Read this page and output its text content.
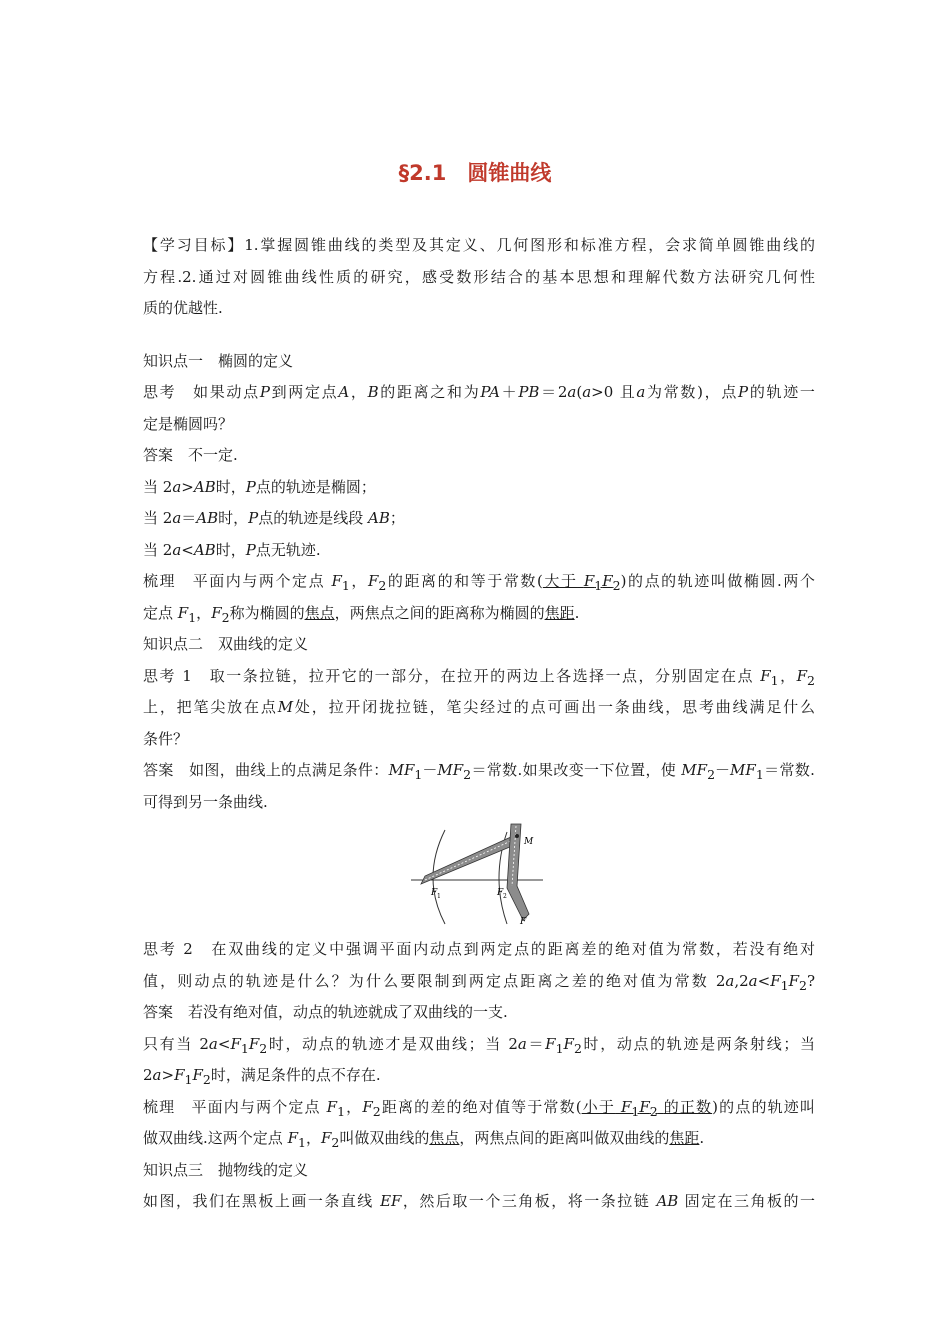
§2.1　圆锥曲线
【学习目标】1.掌握圆锥曲线的类型及其定义、几何图形和标准方程，会求简单圆锥曲线的
方程.2.通过对圆锥曲线性质的研究，感受数形结合的基本思想和理解代数方法研究几何性
质的优越性.
知识点一　椭圆的定义
思考　 如果动点P到两定点A，B的距离之和为PA＋PB＝2a(a>0 且a为常数)，点P的轨迹一
定是椭圆吗？
答案　 不一定.
当 2a>AB时，P点的轨迹是椭圆；
当 2a＝AB时，P点的轨迹是线段 AB；
当 2a<AB时，P点无轨迹.
梳理　 平面内与两个定点 $F_1$，$F_2$的距离的和等于常数(大于 $F_1F_2$)的点的轨迹叫做椭圆.两个
定点 $F_1$，$F_2$称为椭圆的焦点，两焦点之间的距离称为椭圆的焦距.
知识点二　双曲线的定义
思考 1　 取一条拉链，拉开它的一部分，在拉开的两边上各选择一点，分别固定在点 $F_1$，$F_2$
上，把笔尖放在点M处，拉开闭拢拉链，笔尖经过的点可画出一条曲线，思考曲线满足什么
条件？
答案　 如图，曲线上的点满足条件：$MF_1-MF_2=$常数.如果改变一下位置，使 $MF_2-MF_1=$常数.
可得到另一条曲线.
M
F 1	F 2
F
思考 2　 在双曲线的定义中强调平面内动点到两定点的距离差的绝对值为常数，若没有绝对
值，则动点的轨迹是什么？为什么要限制到两定点距离之差的绝对值为常数 $2a,2a<F_1F_2$?
答案　 若没有绝对值，动点的轨迹就成了双曲线的一支.
只有当 $2a<F_1F_2$时，动点的轨迹才是双曲线；当 $2a=F_1F_2$时，动点的轨迹是两条射线；当
$2a>F_1F_2$时，满足条件的点不存在.
梳理　 平面内与两个定点 $F_1$，$F_2$距离的差的绝对值等于常数(小于 $F_1F_2$ 的正数)的点的轨迹叫
做双曲线.这两个定点 $F_1$，$F_2$叫做双曲线的焦点，两焦点间的距离叫做双曲线的焦距.
知识点三　抛物线的定义
如图，我们在黑板上画一条直线 EF，然后取一个三角板，将一条拉链 AB 固定在三角板的一
